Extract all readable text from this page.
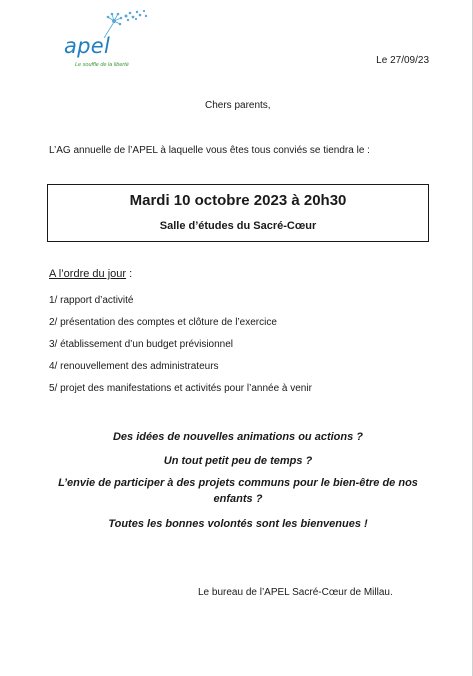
apel
Le souffle de la liberté	Le 27/09/23
Chers parents,
L’AG annuelle de l’APEL à laquelle vous êtes tous conviés se tiendra le :
Mardi 10 octobre 2023 à 20h30
Salle d’études du Sacré-Cœur
A l’ordre du jour :
1/ rapport d’activité
2/ présentation des comptes et clôture de l’exercice
3/ établissement d’un budget prévisionnel
4/ renouvellement des administrateurs
5/ projet des manifestations et activités pour l’année à venir
Des idées de nouvelles animations ou actions ?
Un tout petit peu de temps ?
L’envie de participer à des projets communs pour le bien-être de nos enfants ?
Toutes les bonnes volontés sont les bienvenues !
Le bureau de l’APEL Sacré-Cœur de Millau.
